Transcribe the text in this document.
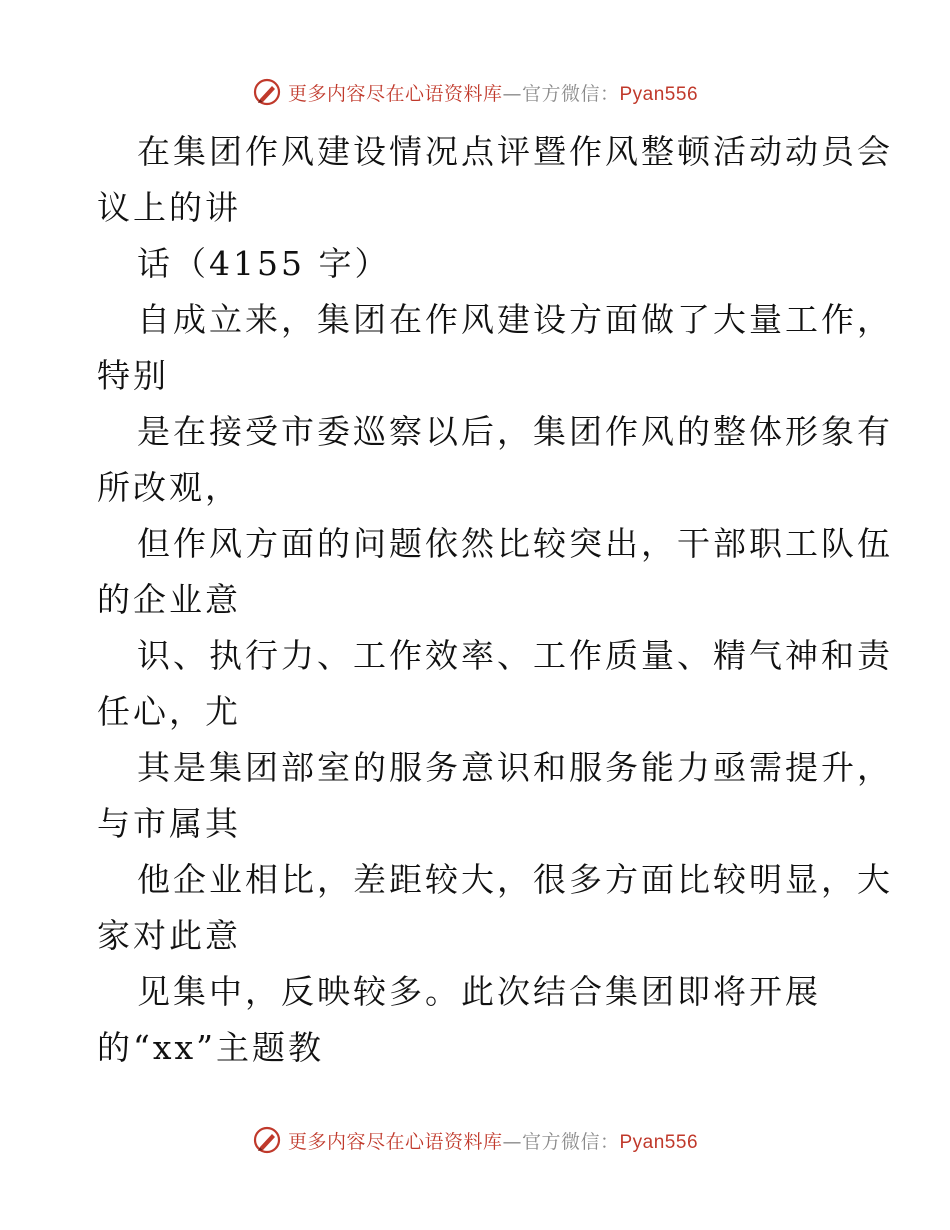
更多内容尽在心语资料库—官方微信：Pyan556
在集团作风建设情况点评暨作风整顿活动动员会
议上的讲
话（4155 字）
自成立来，集团在作风建设方面做了大量工作，
特别
是在接受市委巡察以后，集团作风的整体形象有
所改观，
但作风方面的问题依然比较突出，干部职工队伍
的企业意
识、执行力、工作效率、工作质量、精气神和责
任心，尤
其是集团部室的服务意识和服务能力亟需提升，
与市属其
他企业相比，差距较大，很多方面比较明显，大
家对此意
见集中，反映较多。此次结合集团即将开展
的“xx”主题教
更多内容尽在心语资料库—官方微信：Pyan556
